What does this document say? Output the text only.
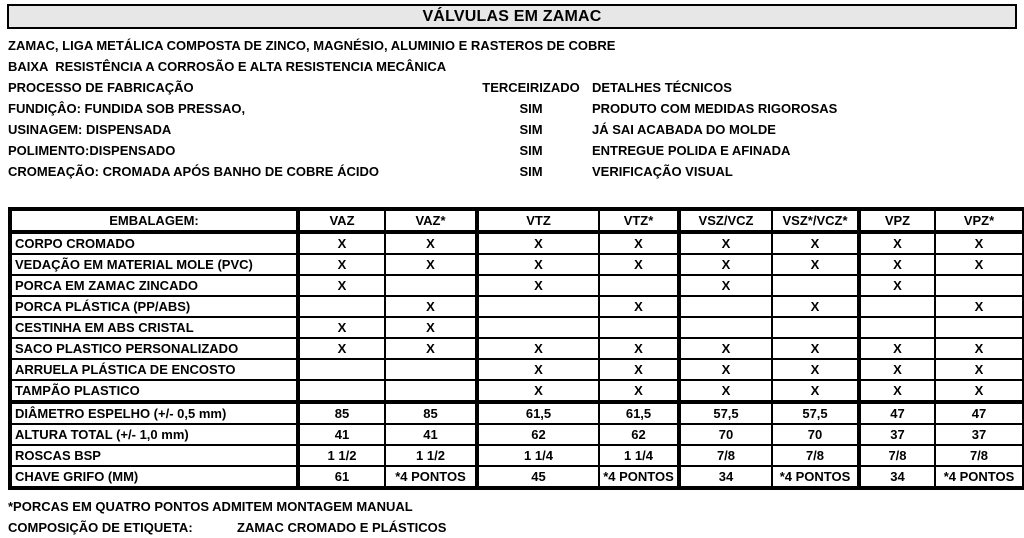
VÁLVULAS EM ZAMAC
ZAMAC, LIGA METÁLICA COMPOSTA DE ZINCO, MAGNÉSIO, ALUMINIO E RASTEROS DE COBRE
BAIXA  RESISTÊNCIA A CORROSÃO E ALTA RESISTENCIA MECÂNICA
PROCESSO DE FABRICAÇÃO	TERCEIRIZADO DETALHES TÉCNICOS
FUNDIÇÂO: FUNDIDA SOB PRESSAO,	SIM	PRODUTO COM MEDIDAS RIGOROSAS
USINAGEM: DISPENSADA	SIM	JÁ SAI ACABADA DO MOLDE
POLIMENTO:DISPENSADO	SIM	ENTREGUE POLIDA E AFINADA
CROMEAÇÃO: CROMADA APÓS BANHO DE COBRE ÁCIDO	SIM	VERIFICAÇÃO VISUAL
EMBALAGEM:	VAZ	VAZ*	VTZ	VTZ*	VSZ/VCZ	VSZ*/VCZ*	VPZ	VPZ*
CORPO CROMADO	X	X	X	X	X	X	X	X
VEDAÇÃO EM MATERIAL MOLE (PVC)	X	X	X	X	X	X	X	X
PORCA EM ZAMAC ZINCADO	X		X		X		X	
PORCA PLÁSTICA (PP/ABS)		X		X		X		X
CESTINHA EM ABS CRISTAL	X	X						
SACO PLASTICO PERSONALIZADO	X	X	X	X	X	X	X	X
ARRUELA PLÁSTICA DE ENCOSTO			X	X	X	X	X	X
TAMPÃO PLASTICO			X	X	X	X	X	X
DIÂMETRO ESPELHO (+/- 0,5 mm)	85	85	61,5	61,5	57,5	57,5	47	47
ALTURA TOTAL (+/- 1,0 mm)	41	41	62	62	70	70	37	37
ROSCAS BSP	1 1/2	1 1/2	1 1/4	1 1/4	7/8	7/8	7/8	7/8
CHAVE GRIFO (MM)	61	*4 PONTOS	45	*4 PONTOS	34	*4 PONTOS	34	*4 PONTOS
*PORCAS EM QUATRO PONTOS ADMITEM MONTAGEM MANUAL
COMPOSIÇÃO DE ETIQUETA:	ZAMAC CROMADO E PLÁSTICOS
